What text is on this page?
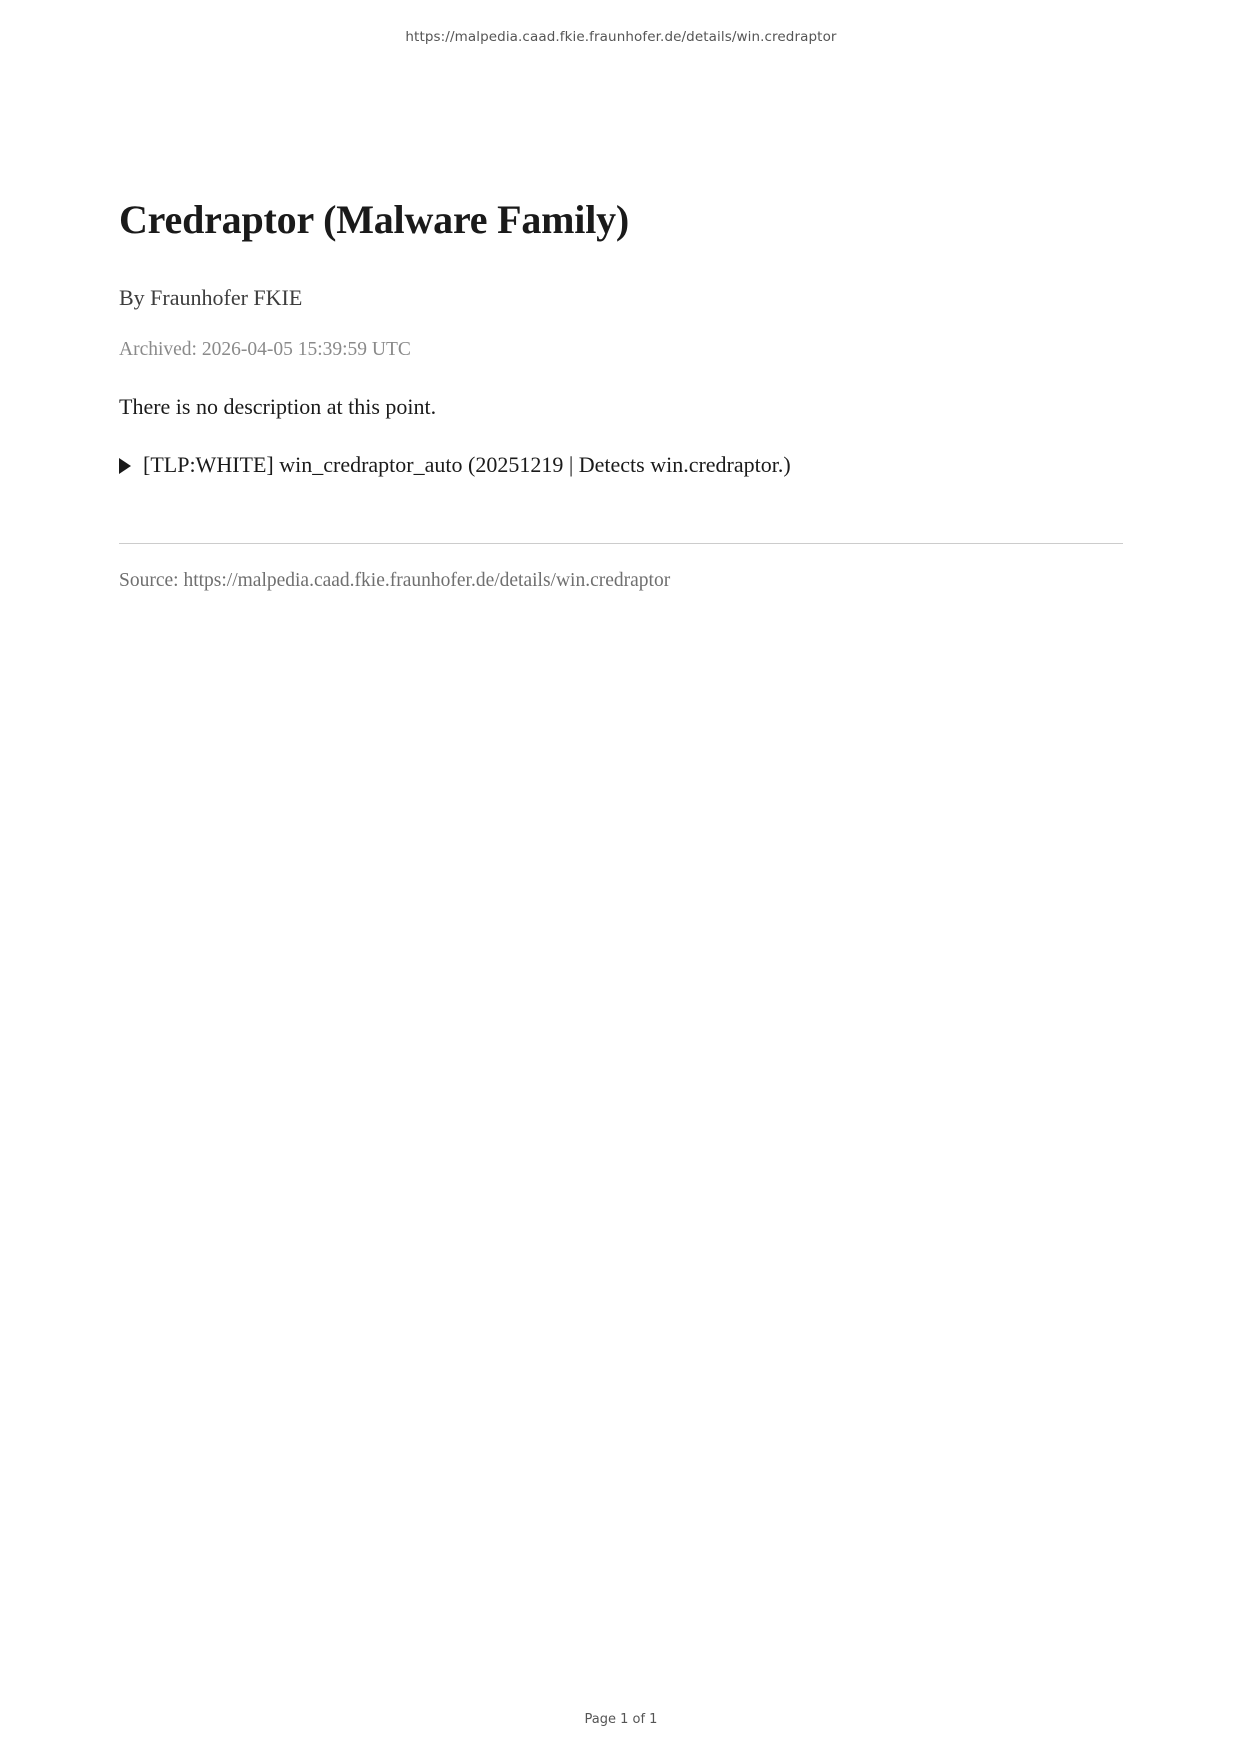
https://malpedia.caad.fkie.fraunhofer.de/details/win.credraptor
Credraptor (Malware Family)
By Fraunhofer FKIE
Archived: 2026-04-05 15:39:59 UTC
There is no description at this point.
[TLP:WHITE] win_credraptor_auto (20251219 | Detects win.credraptor.)
Source: https://malpedia.caad.fkie.fraunhofer.de/details/win.credraptor
Page 1 of 1
